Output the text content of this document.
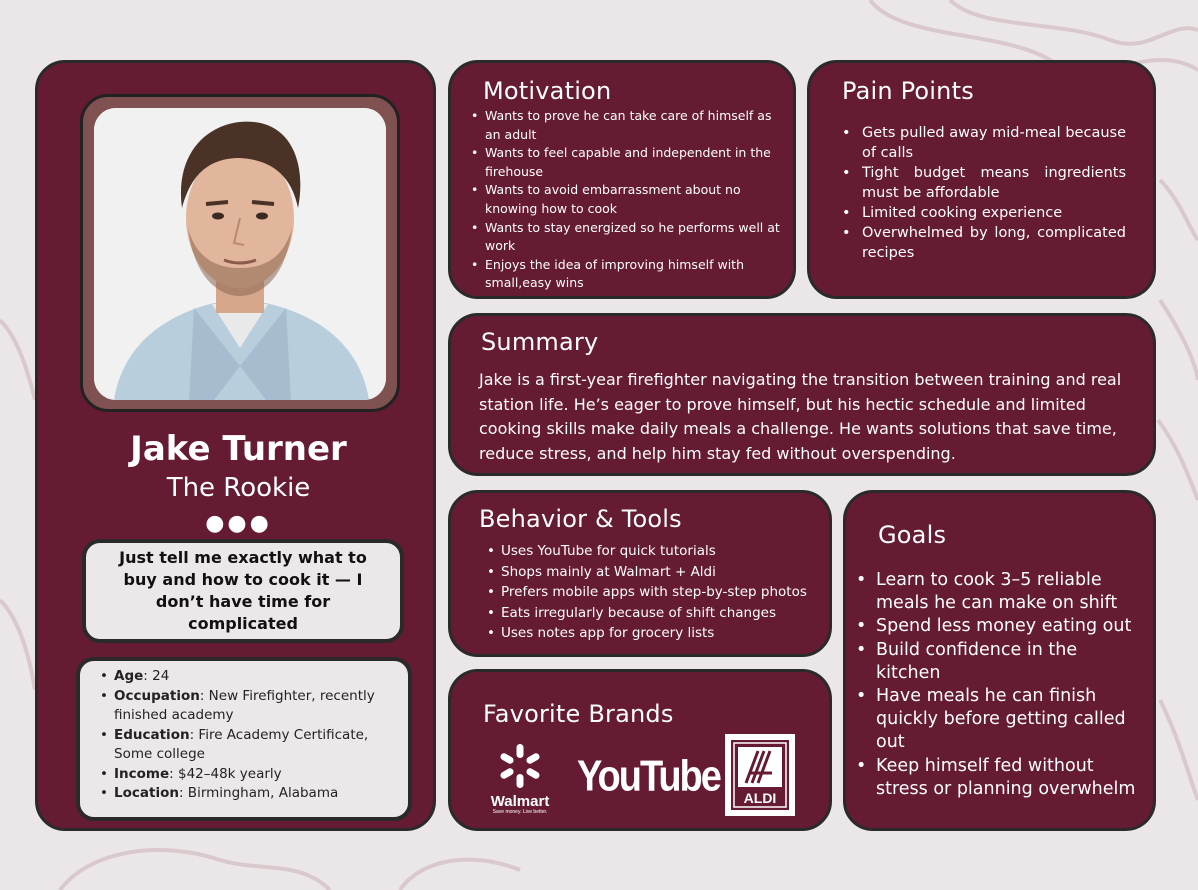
Jake Turner
The Rookie
●●●
Just tell me exactly what to buy and how to cook it — I don’t have time for complicated
• Age: 24
• Occupation: New Firefighter, recently finished academy
• Education: Fire Academy Certificate, Some college
• Income: $42–48k yearly
• Location: Birmingham, Alabama
Motivation
• Wants to prove he can take care of himself as an adult
• Wants to feel capable and independent in the firehouse
• Wants to avoid embarrassment about no knowing how to cook
• Wants to stay energized so he performs well at work
• Enjoys the idea of improving himself with small,easy wins
Pain Points
• Gets pulled away mid-meal because of calls
• Tight budget means ingredients must be affordable
• Limited cooking experience
• Overwhelmed by long, complicated recipes
Summary

Jake is a first-year firefighter navigating the transition between training and real station life. He’s eager to prove himself, but his hectic schedule and limited cooking skills make daily meals a challenge. He wants solutions that save time, reduce stress, and help him stay fed without overspending.

Behavior & Tools
• Uses YouTube for quick tutorials
• Shops mainly at Walmart + Aldi
• Prefers mobile apps with step-by-step photos
• Eats irregularly because of shift changes
• Uses notes app for grocery lists
Favorite Brands
Walmart
Save money. Live better.
YouTube ALDI
Goals
• Learn to cook 3–5 reliable meals he can make on shift
• Spend less money eating out
• Build confidence in the kitchen
• Have meals he can finish quickly before getting called out
• Keep himself fed without stress or planning overwhelm
